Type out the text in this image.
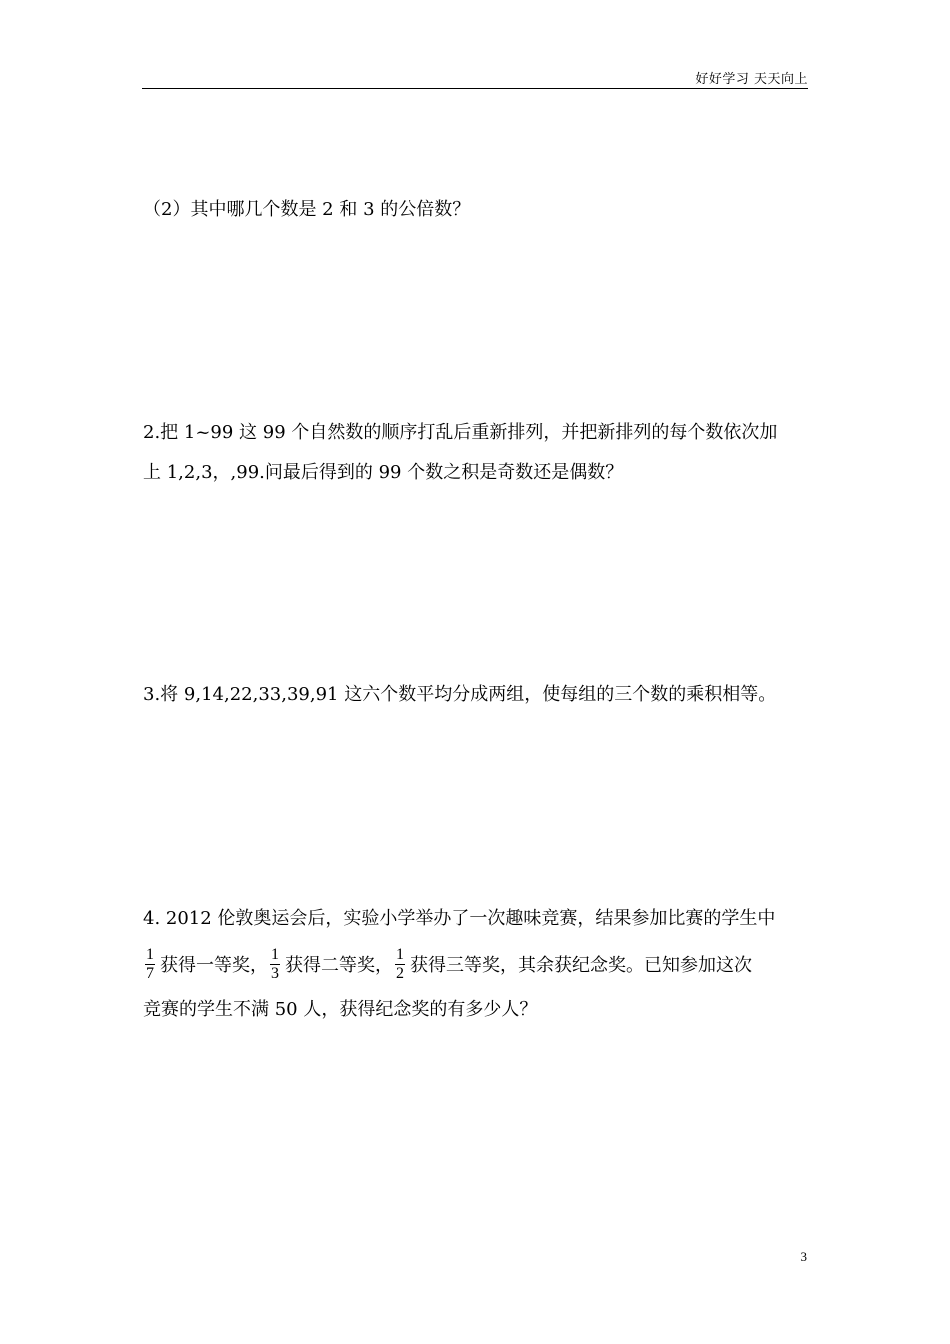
好好学习 天天向上
（2）其中哪几个数是 2 和 3 的公倍数？
2.把 1~99 这 99 个自然数的顺序打乱后重新排列，并把新排列的每个数依次加
上 1,2,3，,99.问最后得到的 99 个数之积是奇数还是偶数？
3.将 9,14,22,33,39,91 这六个数平均分成两组，使每组的三个数的乘积相等。
4. 2012 伦敦奥运会后，实验小学举办了一次趣味竞赛，结果参加比赛的学生中
$\frac{1}{7}$ 获得一等奖， $\frac{1}{3}$ 获得二等奖， $\frac{1}{2}$ 获得三等奖，其余获纪念奖。已知参加这次
竞赛的学生不满 50 人，获得纪念奖的有多少人？
3
